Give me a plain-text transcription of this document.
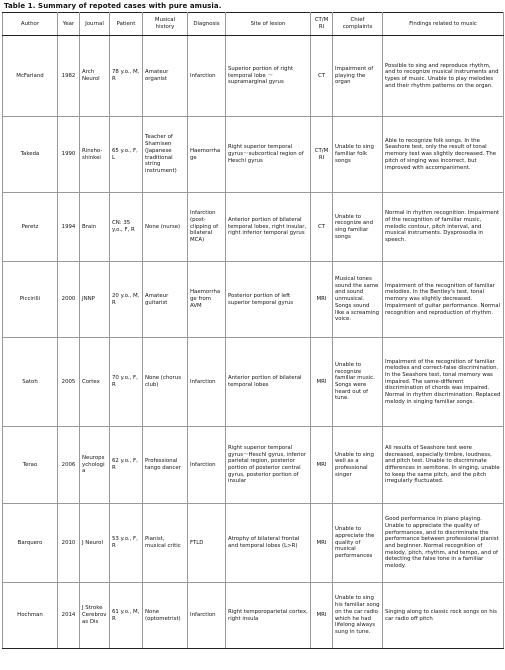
Table 1. Summary of repoted cases with pure amusia.
Author	Year	Journal	Patient	Musical history	Diagnosis	Site of lesion	CT/MRI	Chief complaints	Findings related to music
McFarland	1982	Arch Neurol	78 y.o., M, R	Amateur organist	Infarction	Superior portion of right temporal lobe ～supramarginal gyrus	CT	Impairment of playing the organ	Possible to sing and reproduce rhythm, and to recognize musical instruments and types of music. Unable to play melodies and their rhythm patterns on the organ.
Takeda	1990	Rinsho-shinkei	65 y.o., F, L	Teacher of Shamisen (Japanese traditional string instrument)	Haemorrhage	Right superior temporal gyrus～subcortical region of Heschl gyrus	CT/MRI	Unable to sing familiar folk songs	Able to recognize folk songs. In the Seashore test, only the result of tonal memory test was slightly decreased. The pitch of singing was incorrect, but improved with accompaniment.
Peretz	1994	Brain	CN: 35 y.o., F, R	None (nurse)	Infarction (post-clipping of bilateral MCA)	Anterior portion of bilateral temporal lobes, right insular, right inferior temporal gyrus	CT	Unable to recognize and sing familiar songs	Normal in rhythm recognition. Impairment of the recognition of familiar music, melodic contour, pitch interval, and musical instruments. Dysprosodia in speech.
Piccirilli	2000	JNNP	20 y.o., M, R	Amateur guitarist	Haemorrhage from AVM	Posterior portion of left superior temporal gyrus	MRI	Musical tones sound the same and sound unmusical. Songs sound like a screaming voice.	Impairment of the recognition of familiar melodies. In the Bentley's test, tonal memory was slightly decreased. Impairment of guitar performance. Normal recognition and reproduction of rhythm.
Satoh	2005	Cortex	70 y.o., F, R	None (chorus club)	Infarction	Anterior portion of bilateral temporal lobes	MRI	Unable to recognize familiar music. Songs were heard out of tune.	Impairment of the recognition of familiar melodies and correct-false discrimination. In the Seashore test, tonal memory was impaired. The same-different discrimination of chords was impaired. Normal in rhythm discrimination. Replaced melody in singing familiar songs.
Terao	2006	Neuropsychologia	62 y.o., F, R	Professional tango dancer	Infarction	Right superior temporal gyrus～Heschl gyrus, inferior parietal region, posterior portion of posterior central gyrus, posterior portion of insular	MRI	Unable to sing well as a professional singer	All results of Seashore test were decreased, especially timbre, loudness, and pitch test. Unable to discriminate differences in semitone. In singing, unable to keep the same pitch, and the pitch irregularly fluctuated.
Barquero	2010	J Neurol	53 y.o., F, R	Pianist, musical critic	FTLD	Atrophy of bilateral frontal and temporal lobes (L>R)	MRI	Unable to appreciate the quality of musical performances	Good performance in piano playing. Unable to appreciate the quality of performances, and to discriminate the performance between professional pianist and beginner. Normal recognition of melody, pitch, rhythm, and tempo, and of detecting the false tone in a familiar melody.
Hochman	2014	J Stroke Cerebrovas Dis	61 y.o., M, R	None (optometrist)	Infarction	Right temporoparietal cortex, right insula	MRI	Unable to sing his familiar song on the car radio which he had lifelong always sung in tune.	Singing along to classic rock songs on his car radio off pitch
